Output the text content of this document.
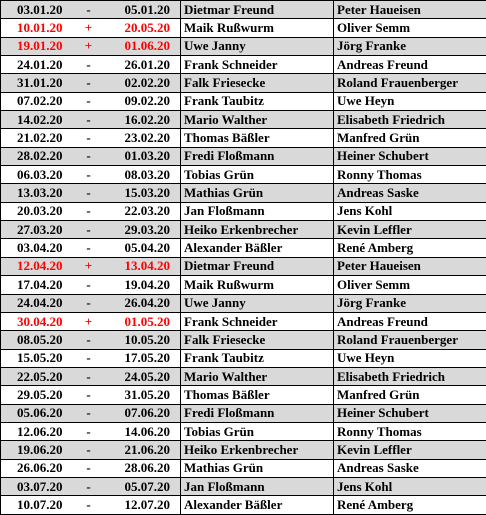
03.01.20	-	05.01.20	Dietmar Freund	Peter Haueisen
10.01.20	+	20.05.20	Maik Rußwurm	Oliver Semm
19.01.20	+	01.06.20	Uwe Janny	Jörg Franke
24.01.20	-	26.01.20	Frank Schneider	Andreas Freund
31.01.20	-	02.02.20	Falk Friesecke	Roland Frauenberger
07.02.20	-	09.02.20	Frank Taubitz	Uwe Heyn
14.02.20	-	16.02.20	Mario Walther	Elisabeth Friedrich
21.02.20	-	23.02.20	Thomas Bäßler	Manfred Grün
28.02.20	-	01.03.20	Fredi Floßmann	Heiner Schubert
06.03.20	-	08.03.20	Tobias Grün	Ronny Thomas
13.03.20	-	15.03.20	Mathias Grün	Andreas Saske
20.03.20	-	22.03.20	Jan Floßmann	Jens Kohl
27.03.20	-	29.03.20	Heiko Erkenbrecher	Kevin Leffler
03.04.20	-	05.04.20	Alexander Bäßler	René Amberg
12.04.20	+	13.04.20	Dietmar Freund	Peter Haueisen
17.04.20	-	19.04.20	Maik Rußwurm	Oliver Semm
24.04.20	-	26.04.20	Uwe Janny	Jörg Franke
30.04.20	+	01.05.20	Frank Schneider	Andreas Freund
08.05.20	-	10.05.20	Falk Friesecke	Roland Frauenberger
15.05.20	-	17.05.20	Frank Taubitz	Uwe Heyn
22.05.20	-	24.05.20	Mario Walther	Elisabeth Friedrich
29.05.20	-	31.05.20	Thomas Bäßler	Manfred Grün
05.06.20	-	07.06.20	Fredi Floßmann	Heiner Schubert
12.06.20	-	14.06.20	Tobias Grün	Ronny Thomas
19.06.20	-	21.06.20	Heiko Erkenbrecher	Kevin Leffler
26.06.20	-	28.06.20	Mathias Grün	Andreas Saske
03.07.20	-	05.07.20	Jan Floßmann	Jens Kohl
10.07.20	-	12.07.20	Alexander Bäßler	René Amberg
